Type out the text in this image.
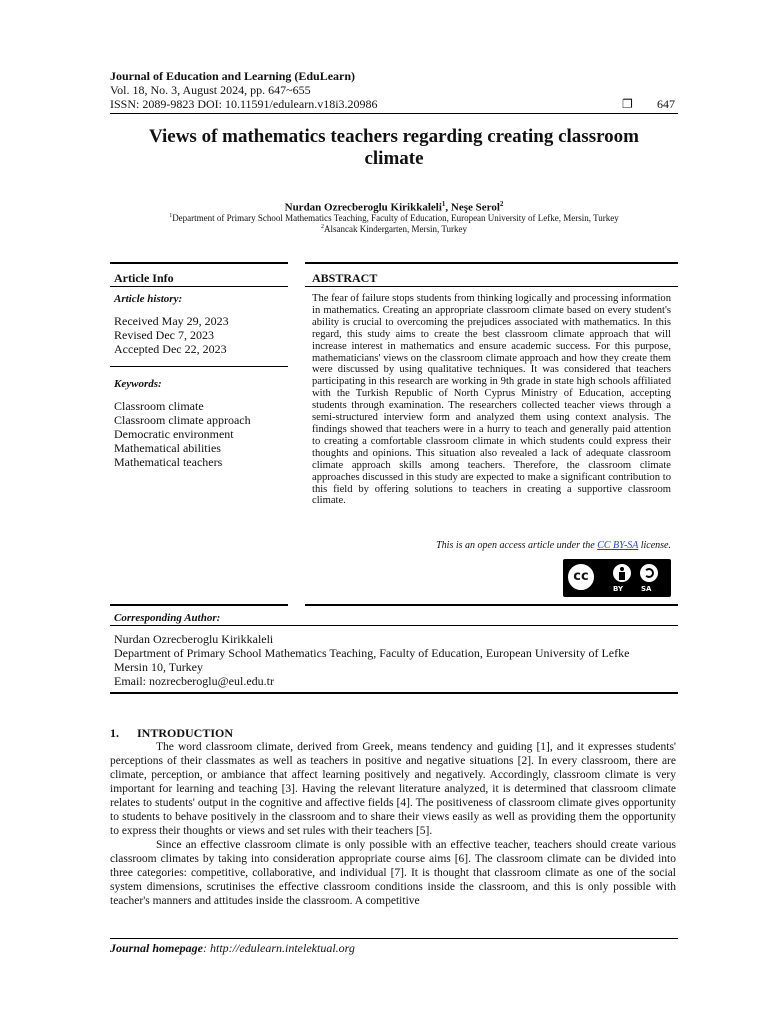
Journal of Education and Learning (EduLearn)
Vol. 18, No. 3, August 2024, pp. 647~655
ISSN: 2089-9823 DOI: 10.11591/edulearn.v18i3.20986	❐ 647
Views of mathematics teachers regarding creating classroom
climate
Nurdan Ozrecberoglu Kirikkaleli$^1$, Neşe Serol$^2$
$^1$Department of Primary School Mathematics Teaching, Faculty of Education, European University of Lefke, Mersin, Turkey
$^2$Alsancak Kindergarten, Mersin, Turkey
Article Info	ABSTRACT
Article history:
Received May 29, 2023
Revised Dec 7, 2023
Accepted Dec 22, 2023
Keywords:
Classroom climate
Classroom climate approach
Democratic environment
Mathematical abilities
Mathematical teachers
The fear of failure stops students from thinking logically and processing information in mathematics. Creating an appropriate classroom climate based on every student's ability is crucial to overcoming the prejudices associated with mathematics. In this regard, this study aims to create the best classroom climate approach that will increase interest in mathematics and ensure academic success. For this purpose, mathematicians' views on the classroom climate approach and how they create them were discussed by using qualitative techniques. It was considered that teachers participating in this research are working in 9th grade in state high schools affiliated with the Turkish Republic of North Cyprus Ministry of Education, accepting students through examination. The researchers collected teacher views through a semi-structured interview form and analyzed them using context analysis. The findings showed that teachers were in a hurry to teach and generally paid attention to creating a comfortable classroom climate in which students could express their thoughts and opinions. This situation also revealed a lack of adequate classroom climate approach skills among teachers. Therefore, the classroom climate approaches discussed in this study are expected to make a significant contribution to this field by offering solutions to teachers in creating a supportive classroom climate.
This is an open access article under the CC BY-SA license.
cc
BY	SA
Corresponding Author:
Nurdan Ozrecberoglu Kirikkaleli
Department of Primary School Mathematics Teaching, Faculty of Education, European University of Lefke
Mersin 10, Turkey
Email: nozrecberoglu@eul.edu.tr
1. INTRODUCTION

The word classroom climate, derived from Greek, means tendency and guiding [1], and it expresses students' perceptions of their classmates as well as teachers in positive and negative situations [2]. In every classroom, there are climate, perception, or ambiance that affect learning positively and negatively. Accordingly, classroom climate is very important for learning and teaching [3]. Having the relevant literature analyzed, it is determined that classroom climate relates to students' output in the cognitive and affective fields [4]. The positiveness of classroom climate gives opportunity to students to behave positively in the classroom and to share their views easily as well as providing them the opportunity to express their thoughts or views and set rules with their teachers [5].

Since an effective classroom climate is only possible with an effective teacher, teachers should create various classroom climates by taking into consideration appropriate course aims [6]. The classroom climate can be divided into three categories: competitive, collaborative, and individual [7]. It is thought that classroom climate as one of the social system dimensions, scrutinises the effective classroom conditions inside the classroom, and this is only possible with teacher's manners and attitudes inside the classroom. A competitive

Journal homepage: http://edulearn.intelektual.org
